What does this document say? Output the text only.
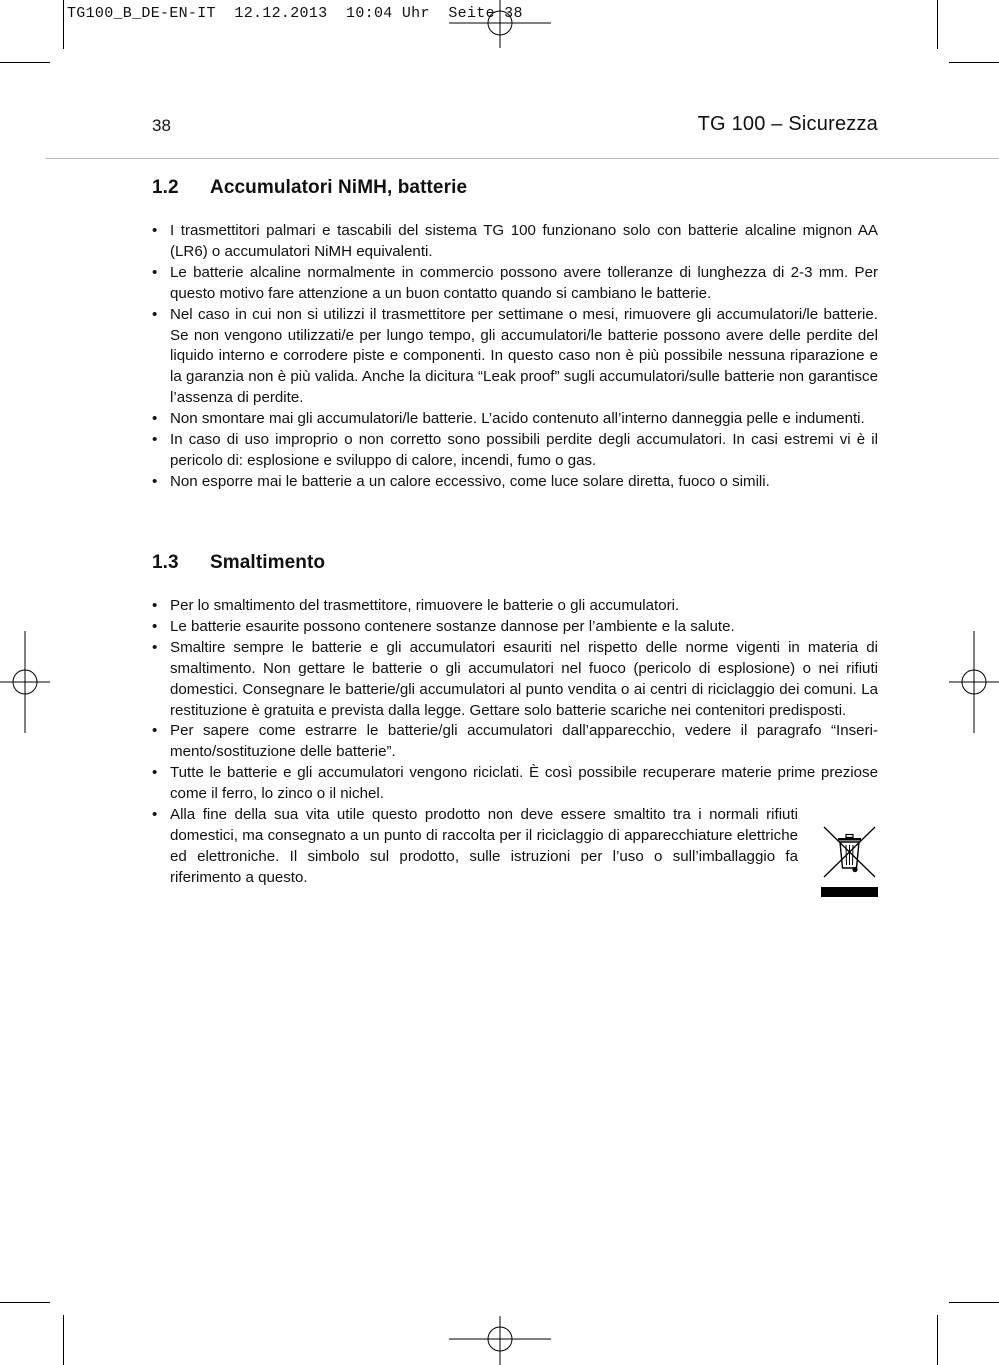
TG100_B_DE-EN-IT  12.12.2013  10:04 Uhr  Seite 38
38	TG 100 – Sicurezza
1.2	Accumulatori NiMH, batterie
• I trasmettitori palmari e tascabili del sistema TG 100 funzionano solo con batterie alcaline mignon AA (LR6) o accumulatori NiMH equivalenti.
• Le batterie alcaline normalmente in commercio possono avere tolleranze di lunghezza di 2-3 mm. Per questo motivo fare attenzione a un buon contatto quando si cambiano le batterie.
• Nel caso in cui non si utilizzi il trasmettitore per settimane o mesi, rimuovere gli accumulatori/le batterie. Se non vengono utilizzati/e per lungo tempo, gli accumulatori/le batterie possono avere delle perdite del liquido interno e corrodere piste e componenti. In questo caso non è più possibile nessuna riparazione e la garanzia non è più valida. Anche la dicitura “Leak proof” sugli accumulatori/sulle batterie non garantisce l’assenza di perdite.
• Non smontare mai gli accumulatori/le batterie. L’acido contenuto all’interno danneggia pelle e indumenti.
• In caso di uso improprio o non corretto sono possibili perdite degli accumulatori. In casi estremi vi è il pericolo di: esplosione e sviluppo di calore, incendi, fumo o gas.
• Non esporre mai le batterie a un calore eccessivo, come luce solare diretta, fuoco o simili.
1.3	Smaltimento
• Per lo smaltimento del trasmettitore, rimuovere le batterie o gli accumulatori.
• Le batterie esaurite possono contenere sostanze dannose per l’ambiente e la salute.
• Smaltire sempre le batterie e gli accumulatori esauriti nel rispetto delle norme vigenti in materia di smaltimento. Non gettare le batterie o gli accumulatori nel fuoco (pericolo di esplosione) o nei rifiuti domestici. Consegnare le batterie/gli accumulatori al punto vendita o ai centri di riciclaggio dei comuni. La restituzione è gratuita e prevista dalla legge. Gettare solo batterie scariche nei contenitori predisposti.
• Per sapere come estrarre le batterie/gli accumulatori dall’apparecchio, vedere il paragrafo “Inserimento/sostituzione delle batterie”.
• Tutte le batterie e gli accumulatori vengono riciclati. È così possibile recuperare materie prime preziose come il ferro, lo zinco o il nichel.
• Alla fine della sua vita utile questo prodotto non deve essere smaltito tra i normali rifiuti domestici, ma consegnato a un punto di raccolta per il riciclaggio di apparecchiature elettriche ed elettroniche. Il simbolo sul prodotto, sulle istruzioni per l’uso o sull’imballaggio fa riferimento a questo.
